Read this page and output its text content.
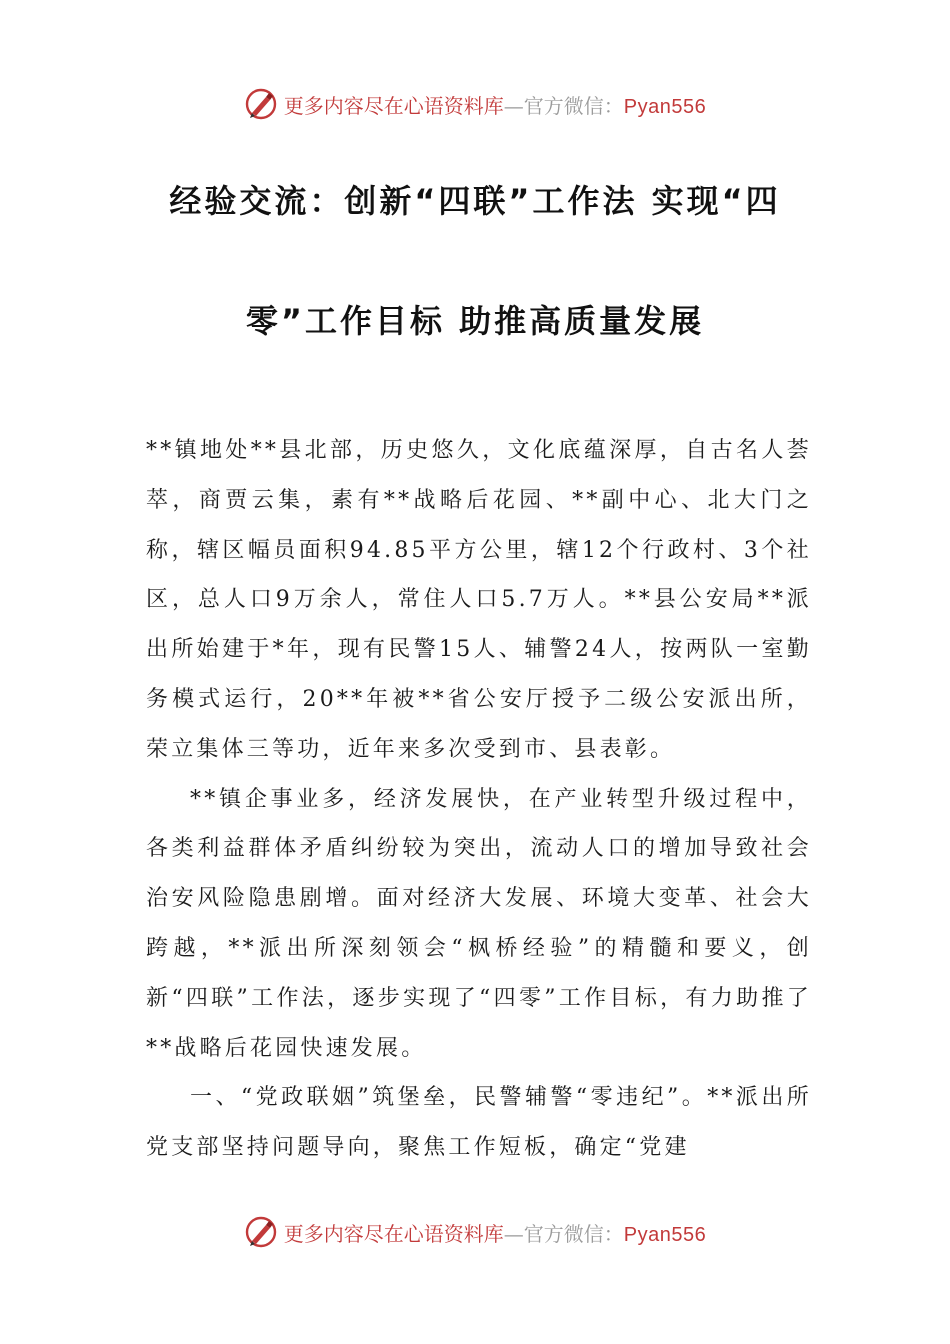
更多内容尽在心语资料库—官方微信：Pyan556
经验交流：创新“四联”工作法 实现“四
零”工作目标 助推高质量发展

**镇地处**县北部，历史悠久，文化底蕴深厚，自古名人荟萃，商贾云集，素有**战略后花园、**副中心、北大门之称，辖区幅员面积94.85平方公里，辖12个行政村、3个社区，总人口9万余人，常住人口5.7万人。**县公安局**派出所始建于*年，现有民警15人、辅警24人，按两队一室勤务模式运行，20**年被**省公安厅授予二级公安派出所，荣立集体三等功，近年来多次受到市、县表彰。

**镇企事业多，经济发展快，在产业转型升级过程中，各类利益群体矛盾纠纷较为突出，流动人口的增加导致社会治安风险隐患剧增。面对经济大发展、环境大变革、社会大跨越，**派出所深刻领会“枫桥经验”的精髓和要义，创新“四联”工作法，逐步实现了“四零”工作目标，有力助推了**战略后花园快速发展。

一、“党政联姻”筑堡垒，民警辅警“零违纪”。**派出所党支部坚持问题导向，聚焦工作短板，确定“党建

更多内容尽在心语资料库—官方微信：Pyan556
